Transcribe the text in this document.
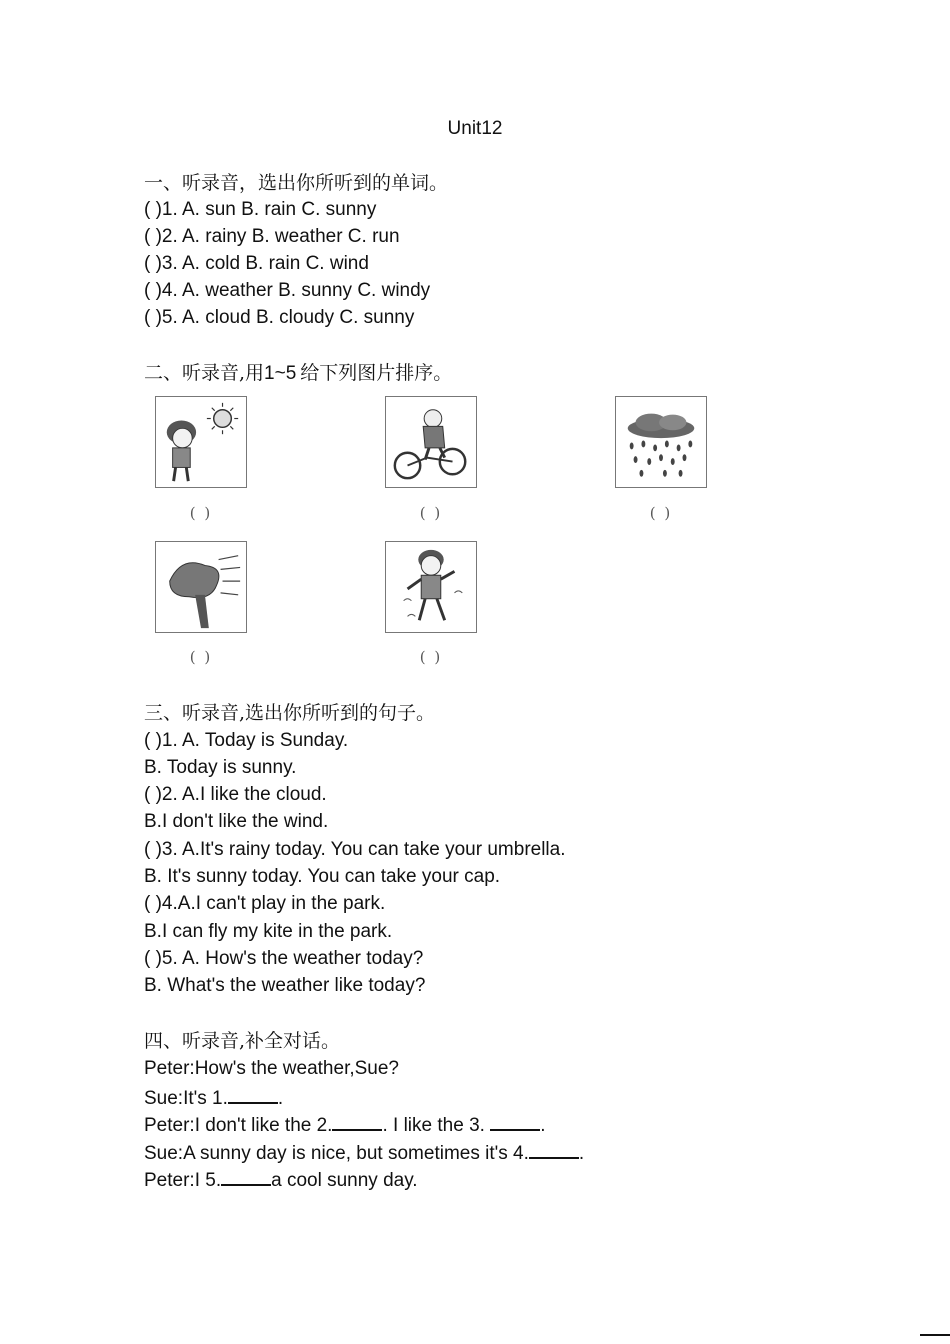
Unit12
一、听录音，选出你所听到的单词。
( )1. A. sun B. rain C. sunny
( )2. A. rainy B. weather C. run
( )3. A. cold B. rain C. wind
( )4. A. weather B. sunny C. windy
( )5. A. cloud B. cloudy C. sunny
二、听录音,用1~5 给下列图片排序。
( )	( )	( )
( )	( )
三、听录音,选出你所听到的句子。
( )1. A. Today is Sunday.
B. Today is sunny.
( )2. A.I like the cloud.
B.I don't like the wind.
( )3. A.It's rainy today. You can take your umbrella.
B. It's sunny today. You can take your cap.
( )4.A.I can't play in the park.
B.I can fly my kite in the park.
( )5. A. How's the weather today?
B. What's the weather like today?
四、听录音,补全对话。
Peter:How's the weather,Sue?
Sue:It's 1.	.
Peter:I don't like the 2.	. I like the 3.	.
Sue:A sunny day is nice, but sometimes it's 4.	.
Peter:I 5.	a cool sunny day.
